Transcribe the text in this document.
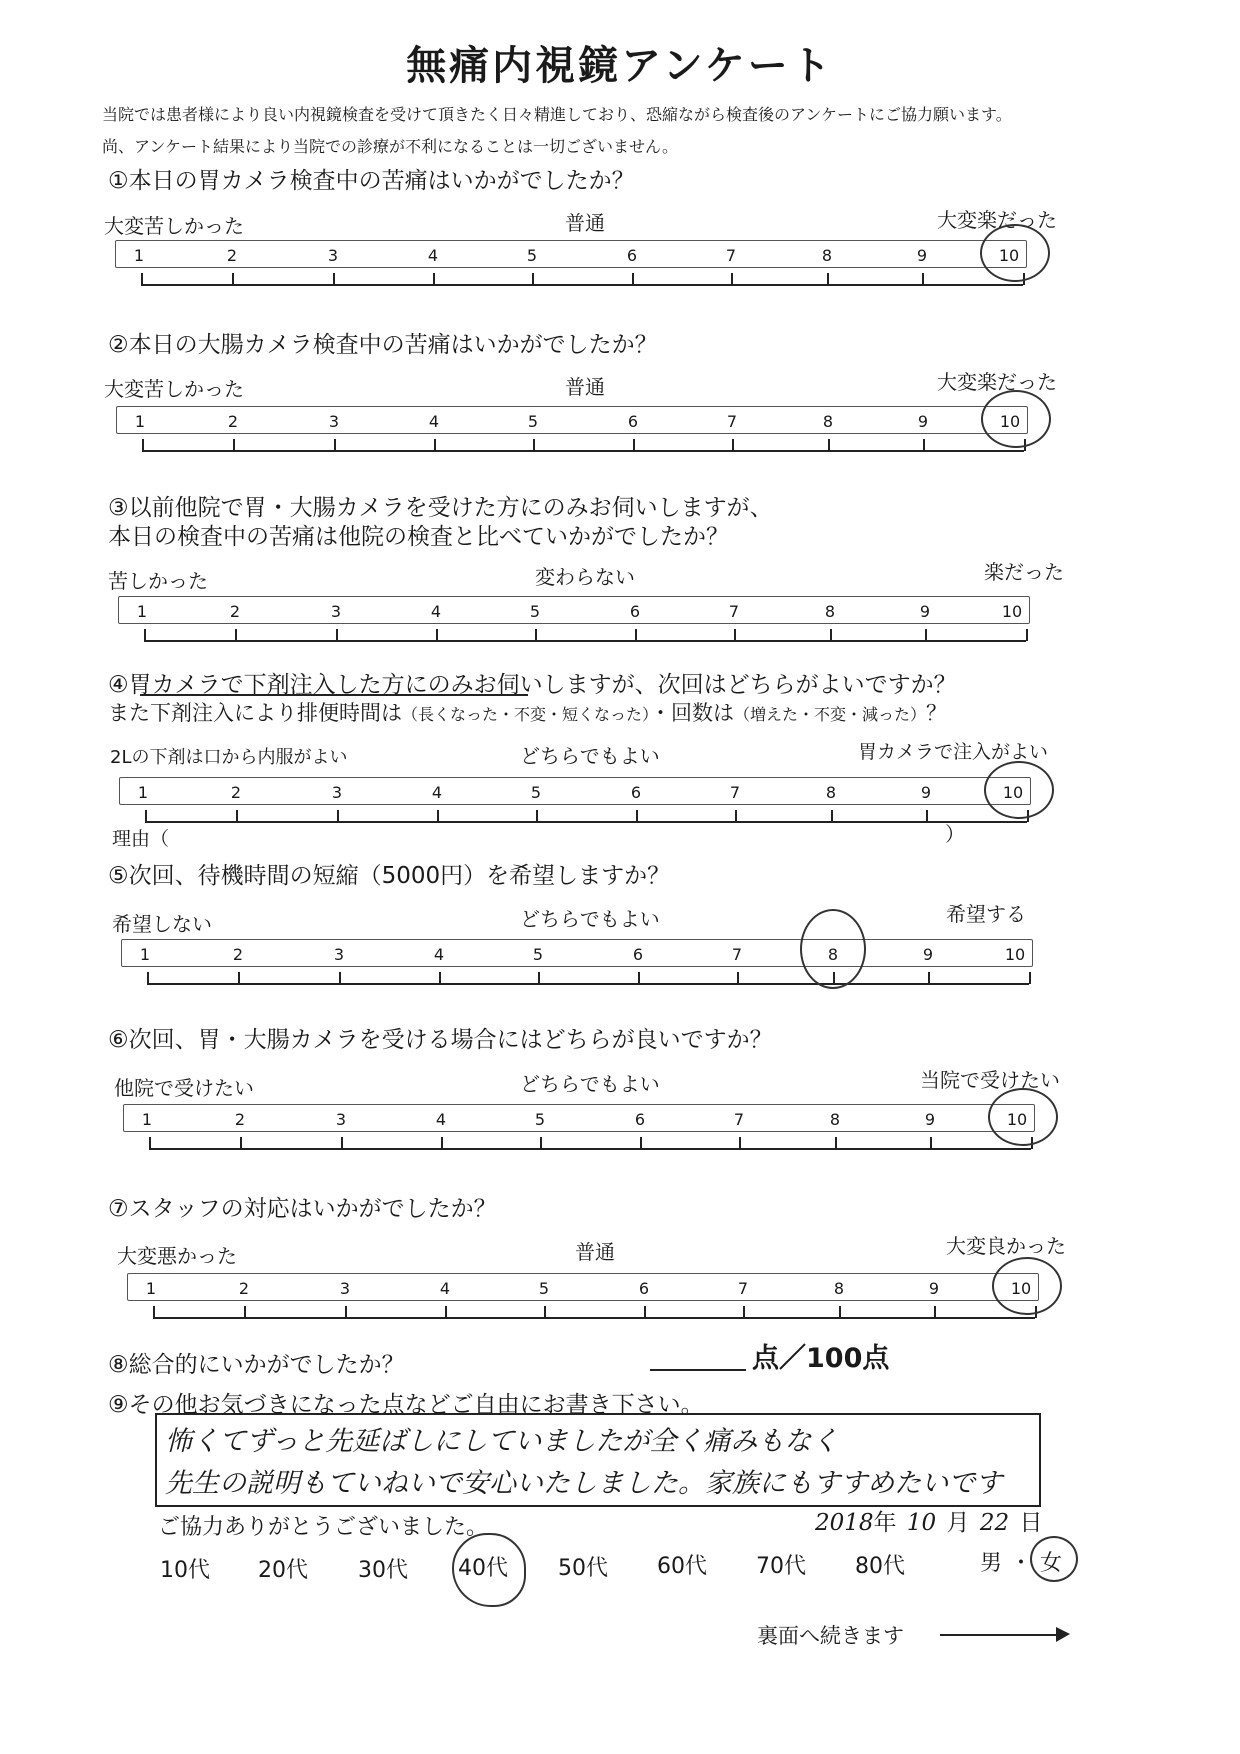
無痛内視鏡アンケート
当院では患者様により良い内視鏡検査を受けて頂きたく日々精進しており、恐縮ながら検査後のアンケートにご協力願います。
尚、アンケート結果により当院での診療が不利になることは一切ございません。
①本日の胃カメラ検査中の苦痛はいかがでしたか？
大変苦しかった	普通	大変楽だった
1	2	3	4	5	6	7	8	9	10
②本日の大腸カメラ検査中の苦痛はいかがでしたか？
大変苦しかった	普通	大変楽だった
1	2	3	4	5	6	7	8	9	10
③以前他院で胃・大腸カメラを受けた方にのみお伺いしますが、
本日の検査中の苦痛は他院の検査と比べていかがでしたか？
苦しかった	変わらない	楽だった
1	2	3	4	5	6	7	8	9	10
④胃カメラで下剤注入した方にのみお伺いしますが、次回はどちらがよいですか？
また下剤注入により排便時間は（長くなった・不変・短くなった）・回数は（増えた・不変・減った）？
2Lの下剤は口から内服がよい	どちらでもよい	胃カメラで注入がよい
1	2	3	4	5	6	7	8	9	10
理由（	）
⑤次回、待機時間の短縮（5000円）を希望しますか？
希望しない	どちらでもよい	希望する
1	2	3	4	5	6	7	8	9	10
⑥次回、胃・大腸カメラを受ける場合にはどちらが良いですか？
他院で受けたい	どちらでもよい	当院で受けたい
1	2	3	4	5	6	7	8	9	10
⑦スタッフの対応はいかがでしたか？
大変悪かった	普通	大変良かった
1	2	3	4	5	6	7	8	9	10
⑧総合的にいかがでしたか？	点／100点
⑨その他お気づきになった点などご自由にお書き下さい。
怖くてずっと先延ばしにしていましたが全く痛みもなく
先生の説明もていねいで安心いたしました。家族にもすすめたいです
ご協力ありがとうございました。	2018年 10 月 22 日
10代 20代 30代 40代 50代 60代 70代 80代	男 ・ 女
裏面へ続きます
